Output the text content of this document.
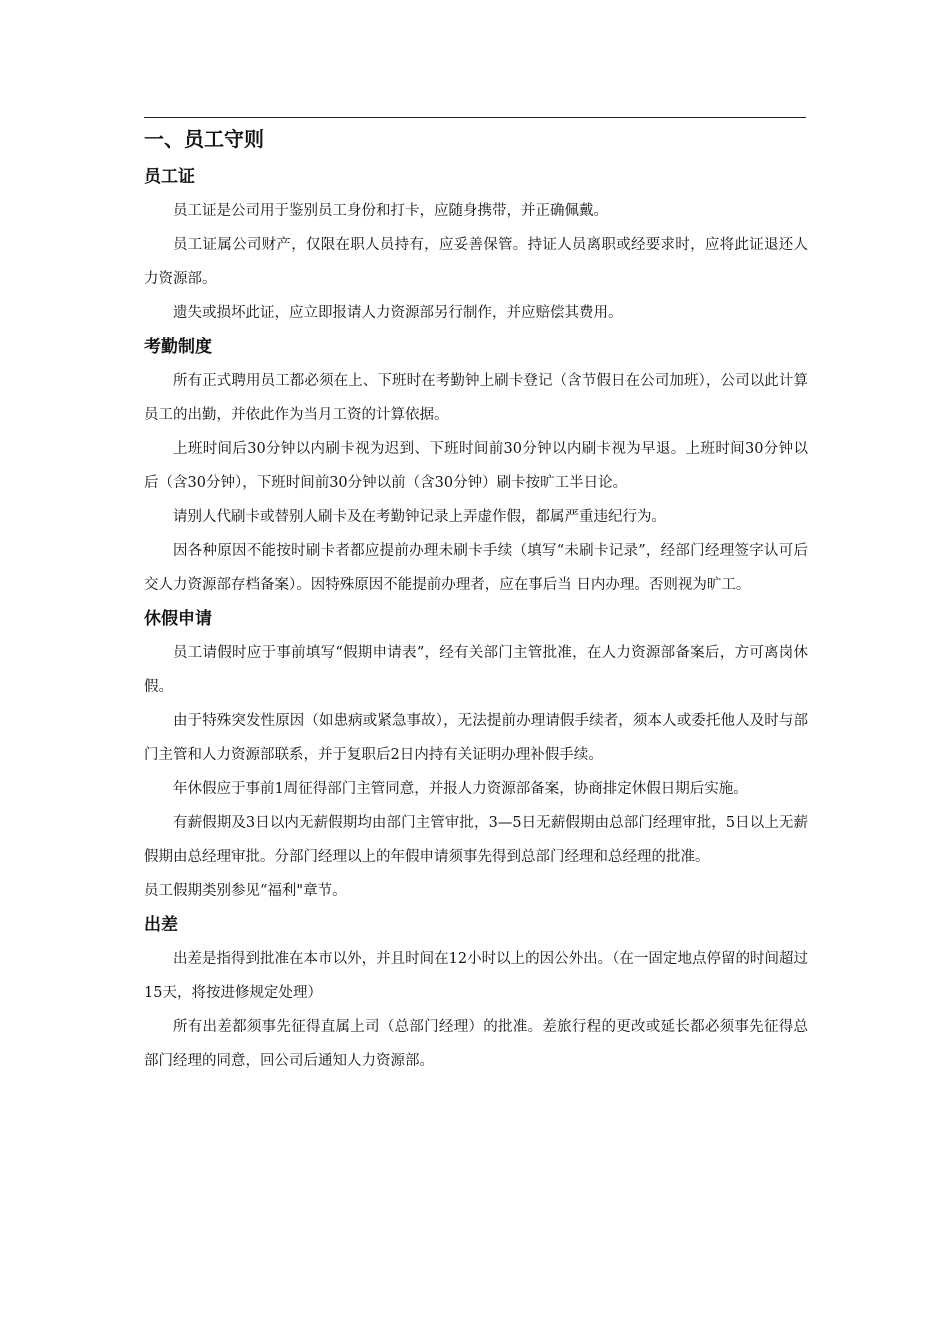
一、员工守则
员工证

员工证是公司用于鉴别员工身份和打卡，应随身携带，并正确佩戴。

员工证属公司财产，仅限在职人员持有，应妥善保管。持证人员离职或经要求时，应将此证退还人力资源部。

遗失或损坏此证，应立即报请人力资源部另行制作，并应赔偿其费用。

考勤制度

所有正式聘用员工都必须在上、下班时在考勤钟上刷卡登记（含节假日在公司加班），公司以此计算员工的出勤，并依此作为当月工资的计算依据。

上班时间后30分钟以内刷卡视为迟到、下班时间前30分钟以内刷卡视为早退。上班时间30分钟以后（含30分钟），下班时间前30分钟以前（含30分钟）刷卡按旷工半日论。

请别人代刷卡或替别人刷卡及在考勤钟记录上弄虚作假，都属严重违纪行为。

因各种原因不能按时刷卡者都应提前办理未刷卡手续（填写“未刷卡记录”，经部门经理签字认可后交人力资源部存档备案）。因特殊原因不能提前办理者，应在事后当 日内办理。否则视为旷工。

休假申请

员工请假时应于事前填写“假期申请表”，经有关部门主管批准，在人力资源部备案后，方可离岗休假。

由于特殊突发性原因（如患病或紧急事故），无法提前办理请假手续者，须本人或委托他人及时与部门主管和人力资源部联系，并于复职后2日内持有关证明办理补假手续。

年休假应于事前1周征得部门主管同意，并报人力资源部备案，协商排定休假日期后实施。

有薪假期及3日以内无薪假期均由部门主管审批，3—5日无薪假期由总部门经理审批，5日以上无薪假期由总经理审批。分部门经理以上的年假申请须事先得到总部门经理和总经理的批准。

员工假期类别参见“福利"章节。

出差

出差是指得到批准在本市以外，并且时间在12小时以上的因公外出。（在一固定地点停留的时间超过15天，将按进修规定处理）

所有出差都须事先征得直属上司（总部门经理）的批准。差旅行程的更改或延长都必须事先征得总部门经理的同意，回公司后通知人力资源部。
